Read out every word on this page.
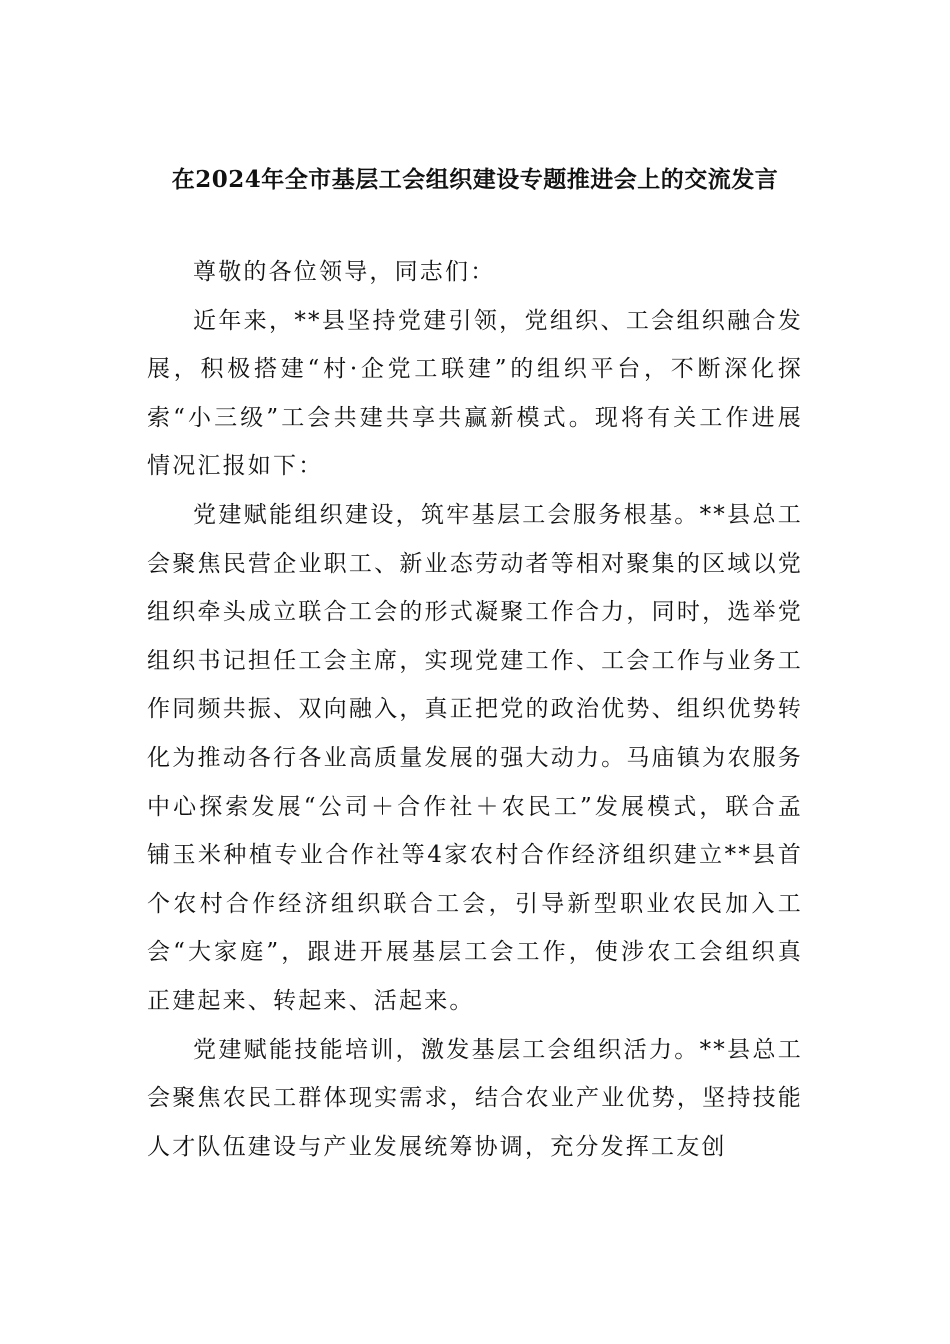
在2024年全市基层工会组织建设专题推进会上的交流发言

尊敬的各位领导，同志们：

近年来，**县坚持党建引领，党组织、工会组织融合发展，积极搭建“村·企党工联建”的组织平台，不断深化探索“小三级”工会共建共享共赢新模式。现将有关工作进展情况汇报如下：

党建赋能组织建设，筑牢基层工会服务根基。**县总工会聚焦民营企业职工、新业态劳动者等相对聚集的区域以党组织牵头成立联合工会的形式凝聚工作合力，同时，选举党组织书记担任工会主席，实现党建工作、工会工作与业务工作同频共振、双向融入，真正把党的政治优势、组织优势转化为推动各行各业高质量发展的强大动力。马庙镇为农服务中心探索发展“公司＋合作社＋农民工”发展模式，联合孟铺玉米种植专业合作社等4家农村合作经济组织建立**县首个农村合作经济组织联合工会，引导新型职业农民加入工会“大家庭”，跟进开展基层工会工作，使涉农工会组织真正建起来、转起来、活起来。

党建赋能技能培训，激发基层工会组织活力。**县总工会聚焦农民工群体现实需求，结合农业产业优势，坚持技能人才队伍建设与产业发展统筹协调，充分发挥工友创
